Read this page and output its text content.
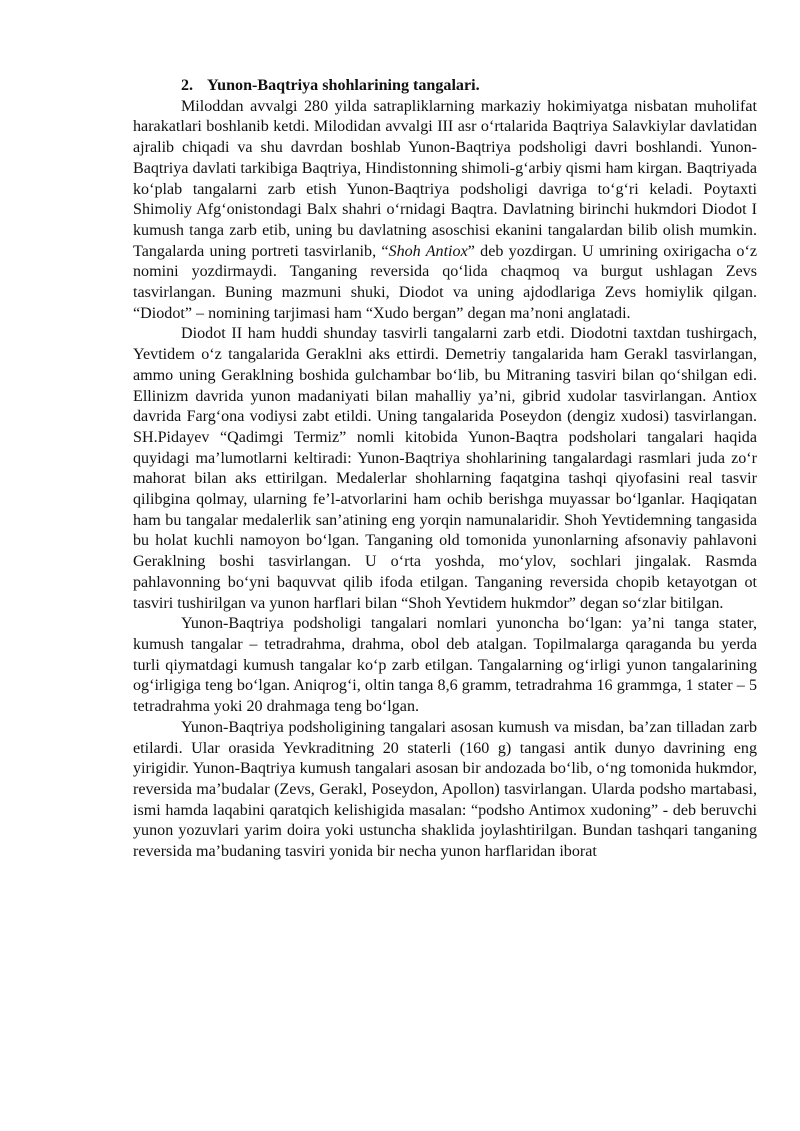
2. Yunon-Baqtriya shohlarining tangalari.

Miloddan avvalgi 280 yilda satrapliklarning markaziy hokimiyatga nisbatan muholifat harakatlari boshlanib ketdi. Milodidan avvalgi III asr oʻrtalarida Baqtriya Salavkiylar davlatidan ajralib chiqadi va shu davrdan boshlab Yunon-Baqtriya podsholigi davri boshlandi. Yunon-Baqtriya davlati tarkibiga Baqtriya, Hindistonning shimoli-gʻarbiy qismi ham kirgan. Baqtriyada koʻplab tangalarni zarb etish Yunon-Baqtriya podsholigi davriga toʻgʻri keladi. Poytaxti Shimoliy Afgʻonistondagi Balx shahri oʻrnidagi Baqtra. Davlatning birinchi hukmdori Diodot I kumush tanga zarb etib, uning bu davlatning asoschisi ekanini tangalardan bilib olish mumkin. Tangalarda uning portreti tasvirlanib, “Shoh Antiox” deb yozdirgan. U umrining oxirigacha oʻz nomini yozdirmaydi. Tanganing reversida qoʻlida chaqmoq va burgut ushlagan Zevs tasvirlangan. Buning mazmuni shuki, Diodot va uning ajdodlariga Zevs homiylik qilgan. “Diodot” – nomining tarjimasi ham “Xudo bergan” degan maʼnoni anglatadi.

Diodot II ham huddi shunday tasvirli tangalarni zarb etdi. Diodotni taxtdan tushirgach, Yevtidem oʻz tangalarida Geraklni aks ettirdi. Demetriy tangalarida ham Gerakl tasvirlangan, ammo uning Geraklning boshida gulchambar boʻlib, bu Mitraning tasviri bilan qoʻshilgan edi. Ellinizm davrida yunon madaniyati bilan mahalliy yaʼni, gibrid xudolar tasvirlangan. Antiox davrida Fargʻona vodiysi zabt etildi. Uning tangalarida Poseydon (dengiz xudosi) tasvirlangan. SH.Pidayev “Qadimgi Termiz” nomli kitobida Yunon-Baqtra podsholari tangalari haqida quyidagi maʼlumotlarni keltiradi: Yunon-Baqtriya shohlarining tangalardagi rasmlari juda zoʻr mahorat bilan aks ettirilgan. Medalerlar shohlarning faqatgina tashqi qiyofasini real tasvir qilibgina qolmay, ularning feʼl-atvorlarini ham ochib berishga muyassar boʻlganlar. Haqiqatan ham bu tangalar medalerlik sanʼatining eng yorqin namunalaridir. Shoh Yevtidemning tangasida bu holat kuchli namoyon boʻlgan. Tanganing old tomonida yunonlarning afsonaviy pahlavoni Geraklning boshi tasvirlangan. U oʻrta yoshda, moʻylov, sochlari jingalak. Rasmda pahlavonning boʻyni baquvvat qilib ifoda etilgan. Tanganing reversida chopib ketayotgan ot tasviri tushirilgan va yunon harflari bilan “Shoh Yevtidem hukmdor” degan soʻzlar bitilgan.

Yunon-Baqtriya podsholigi tangalari nomlari yunoncha boʻlgan: yaʼni tanga stater, kumush tangalar – tetradrahma, drahma, obol deb atalgan. Topilmalarga qaraganda bu yerda turli qiymatdagi kumush tangalar koʻp zarb etilgan. Tangalarning ogʻirligi yunon tangalarining ogʻirligiga teng boʻlgan. Aniqrogʻi, oltin tanga 8,6 gramm, tetradrahma 16 grammga, 1 stater – 5 tetradrahma yoki 20 drahmaga teng boʻlgan.

Yunon-Baqtriya podsholigining tangalari asosan kumush va misdan, baʼzan tilladan zarb etilardi. Ular orasida Yevkraditning 20 staterli (160 g) tangasi antik dunyo davrining eng yirigidir. Yunon-Baqtriya kumush tangalari asosan bir andozada boʻlib, oʻng tomonida hukmdor, reversida maʼbudalar (Zevs, Gerakl, Poseydon, Apollon) tasvirlangan. Ularda podsho martabasi, ismi hamda laqabini qaratqich kelishigida masalan: “podsho Antimox xudoning” - deb beruvchi yunon yozuvlari yarim doira yoki ustuncha shaklida joylashtirilgan. Bundan tashqari tanganing reversida maʼbudaning tasviri yonida bir necha yunon harflaridan iborat
